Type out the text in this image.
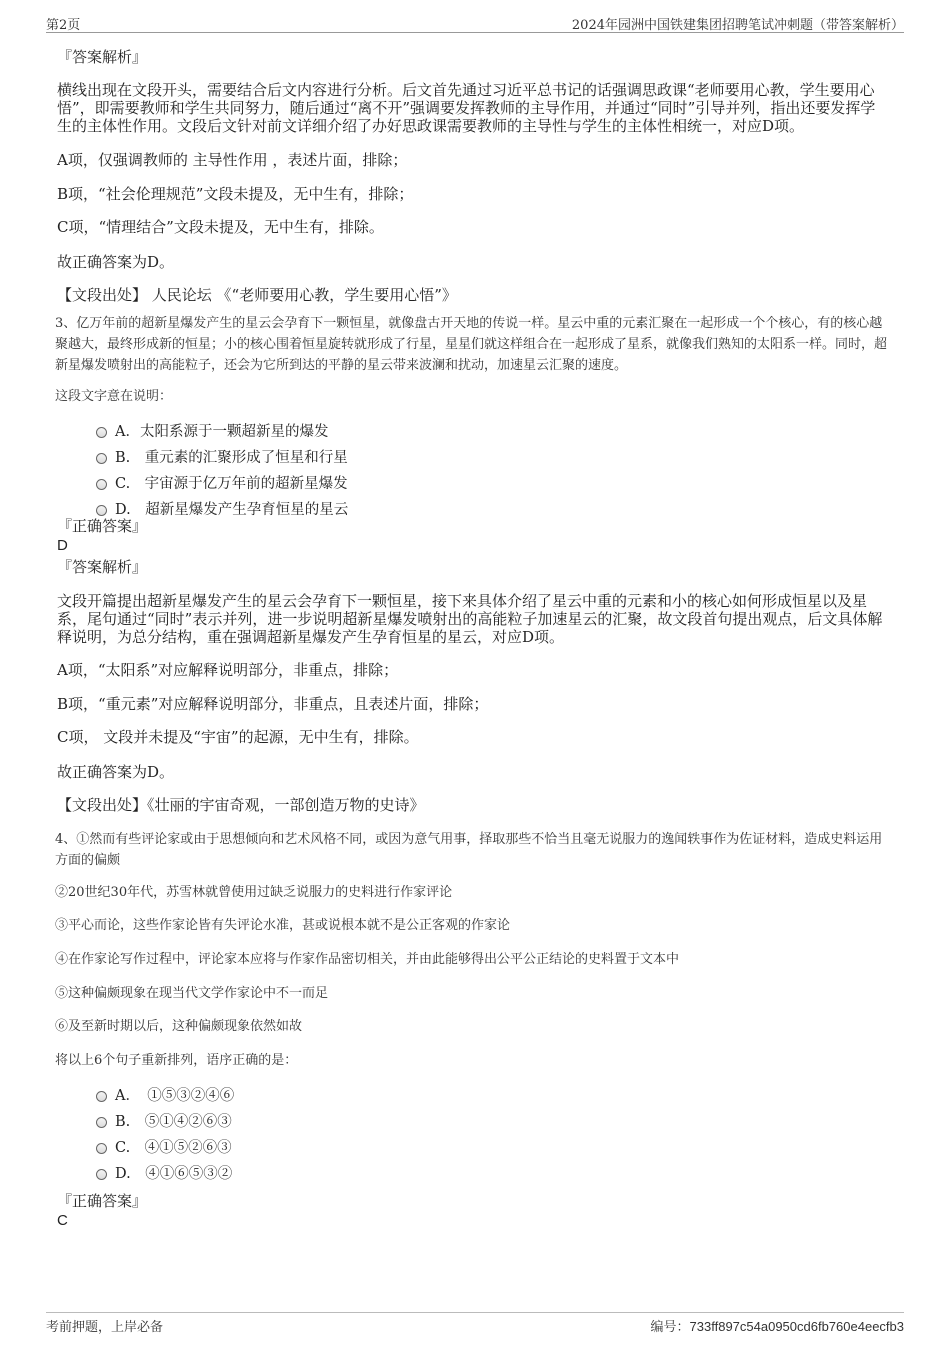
第2页	2024年园洲中国铁建集团招聘笔试冲刺题（带答案解析）
『答案解析』
横线出现在文段开头，需要结合后文内容进行分析。后文首先通过习近平总书记的话强调思政课“老师要用心教，学生要用心悟”，即需要教师和学生共同努力，随后通过“离不开”强调要发挥教师的主导作用，并通过“同时”引导并列，指出还要发挥学生的主体性作用。文段后文针对前文详细介绍了办好思政课需要教师的主导性与学生的主体性相统一，对应D项。
A项，仅强调教师的 主导性作用 ，表述片面，排除；
B项，“社会伦理规范”文段未提及，无中生有，排除；
C项，“情理结合”文段未提及，无中生有，排除。
故正确答案为D。
【文段出处】 人民论坛 《“老师要用心教，学生要用心悟”》
3、亿万年前的超新星爆发产生的星云会孕育下一颗恒星，就像盘古开天地的传说一样。星云中重的元素汇聚在一起形成一个个核心，有的核心越聚越大，最终形成新的恒星；小的核心围着恒星旋转就形成了行星，星星们就这样组合在一起形成了星系，就像我们熟知的太阳系一样。同时，超新星爆发喷射出的高能粒子，还会为它所到达的平静的星云带来波澜和扰动，加速星云汇聚的速度。
这段文字意在说明：
A．太阳系源于一颗超新星的爆发
B.　重元素的汇聚形成了恒星和行星
C.　宇宙源于亿万年前的超新星爆发
D.　超新星爆发产生孕育恒星的星云
『正确答案』
D
『答案解析』
文段开篇提出超新星爆发产生的星云会孕育下一颗恒星，接下来具体介绍了星云中重的元素和小的核心如何形成恒星以及星系，尾句通过“同时”表示并列，进一步说明超新星爆发喷射出的高能粒子加速星云的汇聚，故文段首句提出观点，后文具体解释说明，为总分结构，重在强调超新星爆发产生孕育恒星的星云，对应D项。
A项，“太阳系”对应解释说明部分，非重点，排除；
B项，“重元素”对应解释说明部分，非重点，且表述片面，排除；
C项， 文段并未提及“宇宙”的起源，无中生有，排除。
故正确答案为D。
【文段出处】《壮丽的宇宙奇观，一部创造万物的史诗》
4、①然而有些评论家或由于思想倾向和艺术风格不同，或因为意气用事，择取那些不恰当且毫无说服力的逸闻轶事作为佐证材料，造成史料运用方面的偏颇
②20世纪30年代，苏雪林就曾使用过缺乏说服力的史料进行作家评论
③平心而论，这些作家论皆有失评论水准，甚或说根本就不是公正客观的作家论
④在作家论写作过程中，评论家本应将与作家作品密切相关，并由此能够得出公平公正结论的史料置于文本中
⑤这种偏颇现象在现当代文学作家论中不一而足
⑥及至新时期以后，这种偏颇现象依然如故
将以上6个句子重新排列，语序正确的是：
A．　①⑤③②④⑥
B.　⑤①④②⑥③
C.　④①⑤②⑥③
D.　④①⑥⑤③②
『正确答案』
C
考前押题，上岸必备	编号：733ff897c54a0950cd6fb760e4eecfb3
